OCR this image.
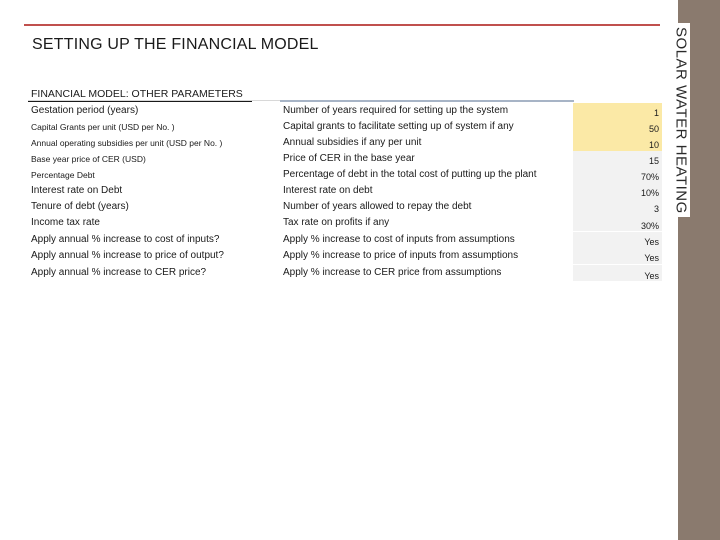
SETTING UP THE FINANCIAL MODEL	SOLAR WATER HEATING
FINANCIAL MODEL: OTHER PARAMETERS
Gestation period (years)	Number of years required for setting up the system	1
Capital Grants per unit (USD per No. )	Capital grants to facilitate setting up of system if any	50
Annual operating subsidies per unit (USD per No. )	Annual subsidies if any per unit	10
Base year price of CER (USD)	Price of CER in the base year	15
Percentage Debt	Percentage of debt in the total cost of putting up the plant	70%
Interest rate on Debt	Interest rate on debt	10%
Tenure of debt (years)	Number of years allowed to repay the debt	3
Income tax rate	Tax rate on profits if any	30%
Apply annual % increase to cost of inputs?	Apply % increase to cost of inputs from assumptions	Yes
Apply annual % increase to price of output?	Apply % increase to price of inputs from assumptions	Yes
Apply annual % increase to CER price?	Apply % increase to CER price from assumptions	Yes
